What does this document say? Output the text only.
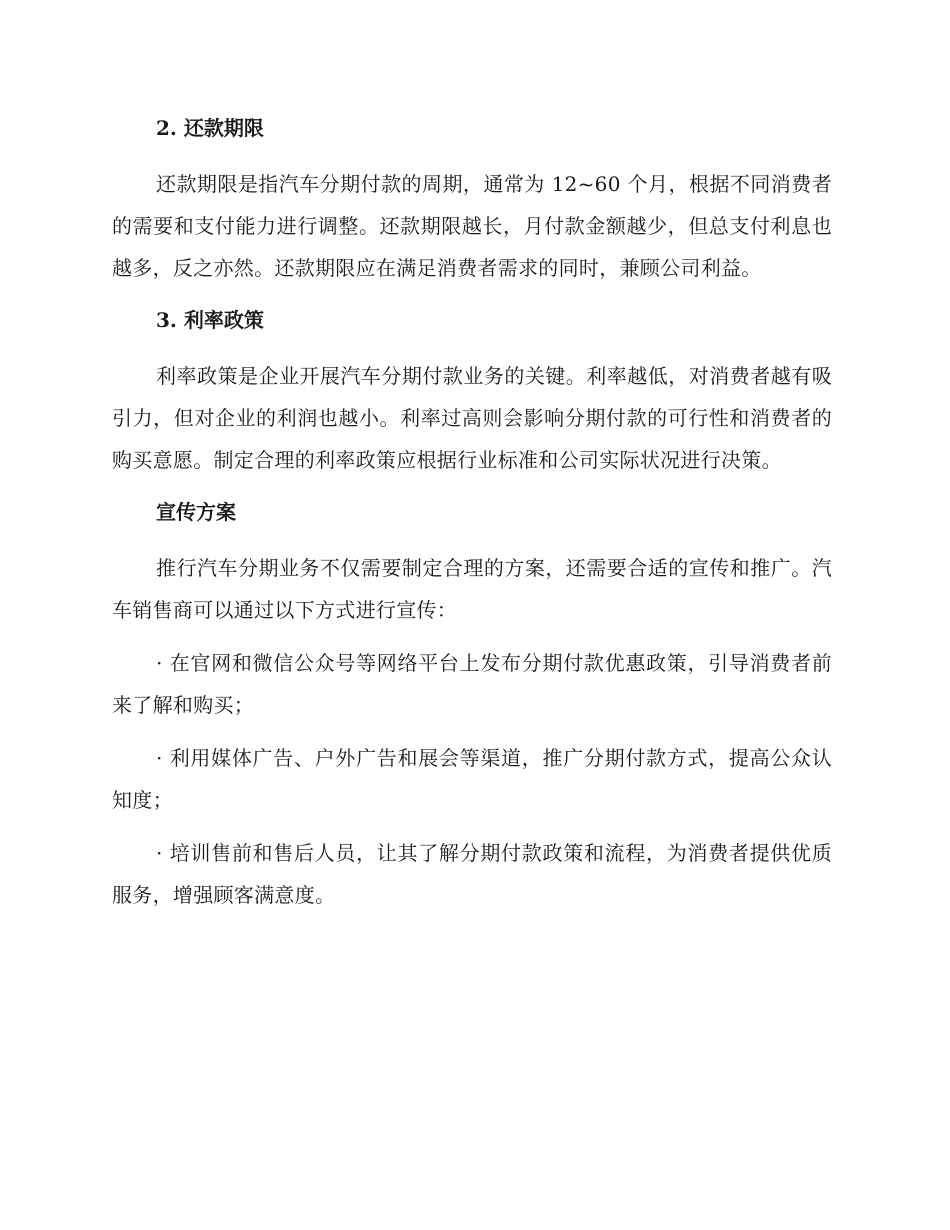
2. 还款期限

还款期限是指汽车分期付款的周期，通常为 12~60 个月，根据不同消费者的需要和支付能力进行调整。还款期限越长，月付款金额越少，但总支付利息也越多，反之亦然。还款期限应在满足消费者需求的同时，兼顾公司利益。

3. 利率政策

利率政策是企业开展汽车分期付款业务的关键。利率越低，对消费者越有吸引力，但对企业的利润也越小。利率过高则会影响分期付款的可行性和消费者的购买意愿。制定合理的利率政策应根据行业标准和公司实际状况进行决策。

宣传方案

推行汽车分期业务不仅需要制定合理的方案，还需要合适的宣传和推广。汽车销售商可以通过以下方式进行宣传：

· 在官网和微信公众号等网络平台上发布分期付款优惠政策，引导消费者前来了解和购买；

· 利用媒体广告、户外广告和展会等渠道，推广分期付款方式，提高公众认知度；

· 培训售前和售后人员，让其了解分期付款政策和流程，为消费者提供优质服务，增强顾客满意度。
